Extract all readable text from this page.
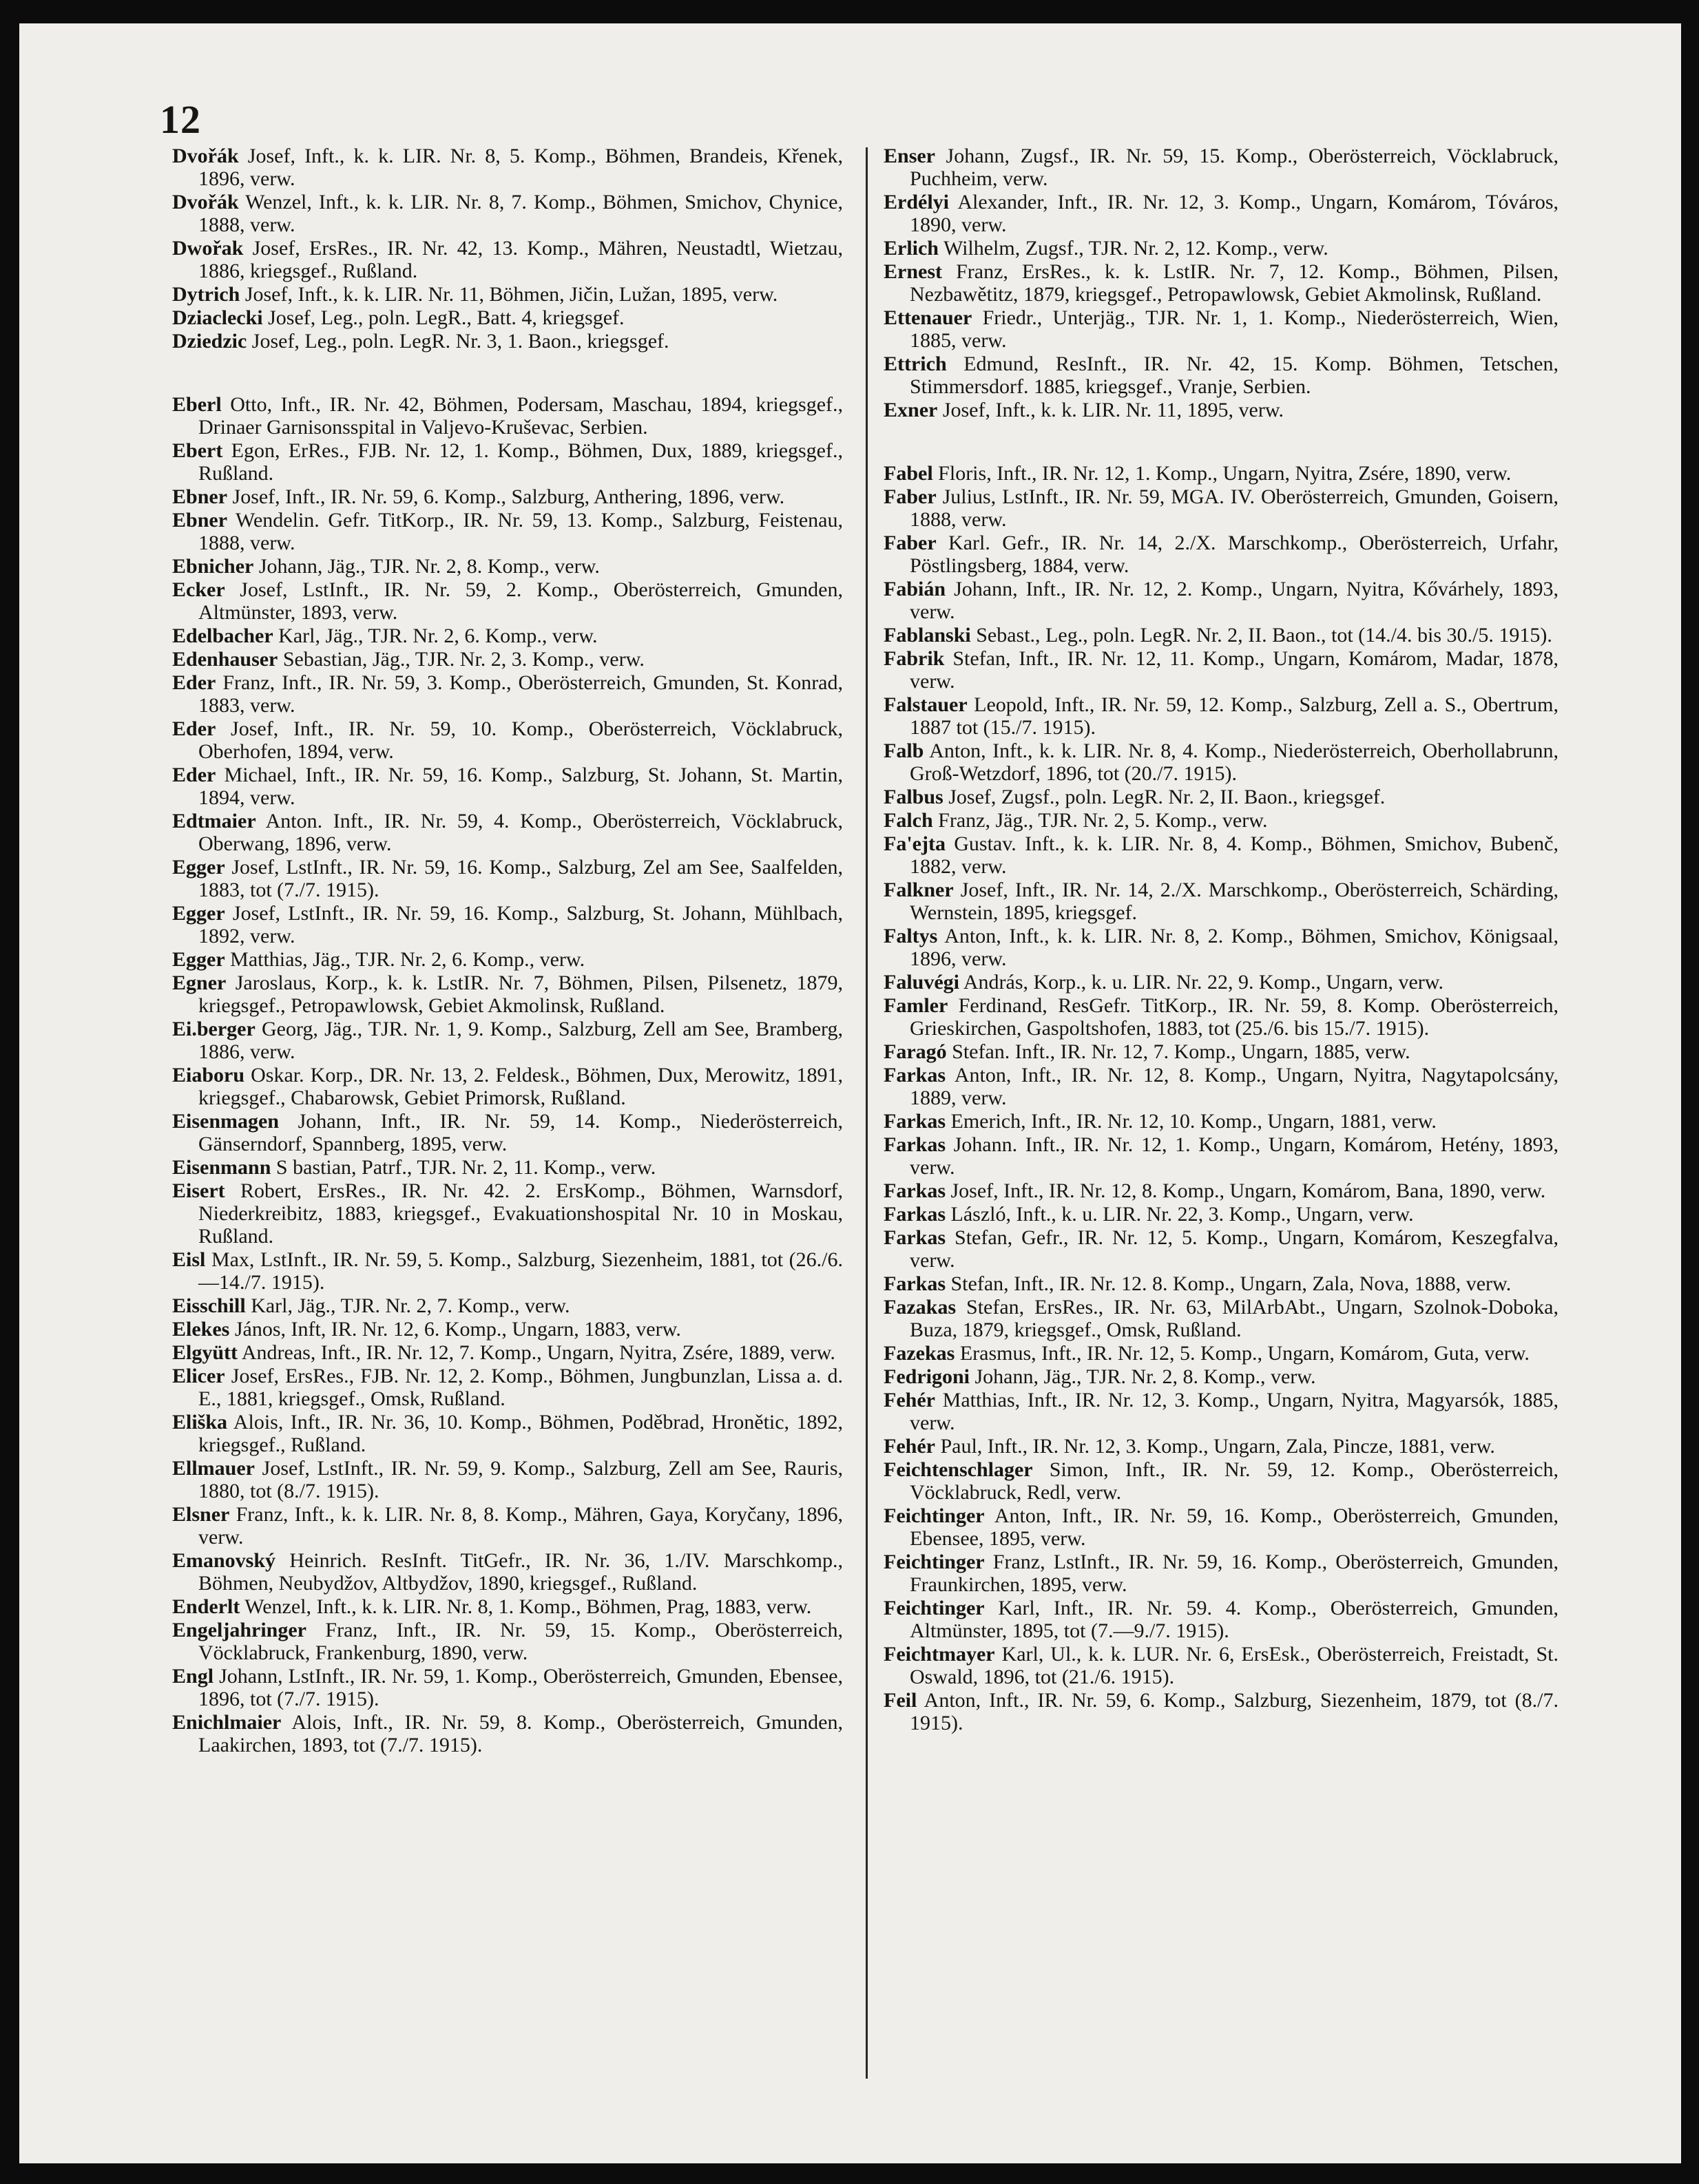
12
Dvořák Josef, Inft., k. k. LIR. Nr. 8, 5. Komp., Böhmen, Brandeis, Křenek, 1896, verw.
Dvořák Wenzel, Inft., k. k. LIR. Nr. 8, 7. Komp., Böhmen, Smichov, Chynice, 1888, verw.
Dwořak Josef, ErsRes., IR. Nr. 42, 13. Komp., Mähren, Neustadtl, Wietzau, 1886, kriegsgef., Rußland.
Dytrich Josef, Inft., k. k. LIR. Nr. 11, Böhmen, Jičin, Lužan, 1895, verw.
Dziaclecki Josef, Leg., poln. LegR., Batt. 4, kriegsgef.
Dziedzic Josef, Leg., poln. LegR. Nr. 3, 1. Baon., kriegsgef.
Eberl Otto, Inft., IR. Nr. 42, Böhmen, Podersam, Maschau, 1894, kriegsgef., Drinaer Garnisonsspital in Valjevo-Kruševac, Serbien.
Ebert Egon, ErRes., FJB. Nr. 12, 1. Komp., Böhmen, Dux, 1889, kriegsgef., Rußland.
Ebner Josef, Inft., IR. Nr. 59, 6. Komp., Salzburg, Anthering, 1896, verw.
Ebner Wendelin. Gefr. TitKorp., IR. Nr. 59, 13. Komp., Salzburg, Feistenau, 1888, verw.
Ebnicher Johann, Jäg., TJR. Nr. 2, 8. Komp., verw.
Ecker Josef, LstInft., IR. Nr. 59, 2. Komp., Oberösterreich, Gmunden, Altmünster, 1893, verw.
Edelbacher Karl, Jäg., TJR. Nr. 2, 6. Komp., verw.
Edenhauser Sebastian, Jäg., TJR. Nr. 2, 3. Komp., verw.
Eder Franz, Inft., IR. Nr. 59, 3. Komp., Oberösterreich, Gmunden, St. Konrad, 1883, verw.
Eder Josef, Inft., IR. Nr. 59, 10. Komp., Oberösterreich, Vöcklabruck, Oberhofen, 1894, verw.
Eder Michael, Inft., IR. Nr. 59, 16. Komp., Salzburg, St. Johann, St. Martin, 1894, verw.
Edtmaier Anton. Inft., IR. Nr. 59, 4. Komp., Oberösterreich, Vöcklabruck, Oberwang, 1896, verw.
Egger Josef, LstInft., IR. Nr. 59, 16. Komp., Salzburg, Zel am See, Saalfelden, 1883, tot (7./7. 1915).
Egger Josef, LstInft., IR. Nr. 59, 16. Komp., Salzburg, St. Johann, Mühlbach, 1892, verw.
Egger Matthias, Jäg., TJR. Nr. 2, 6. Komp., verw.
Egner Jaroslaus, Korp., k. k. LstIR. Nr. 7, Böhmen, Pilsen, Pilsenetz, 1879, kriegsgef., Petropawlowsk, Gebiet Akmolinsk, Rußland.
Ei.berger Georg, Jäg., TJR. Nr. 1, 9. Komp., Salzburg, Zell am See, Bramberg, 1886, verw.
Eiaboru Oskar. Korp., DR. Nr. 13, 2. Feldesk., Böhmen, Dux, Merowitz, 1891, kriegsgef., Chabarowsk, Gebiet Primorsk, Rußland.
Eisenmagen Johann, Inft., IR. Nr. 59, 14. Komp., Niederösterreich, Gänserndorf, Spannberg, 1895, verw.
Eisenmann S bastian, Patrf., TJR. Nr. 2, 11. Komp., verw.
Eisert Robert, ErsRes., IR. Nr. 42. 2. ErsKomp., Böhmen, Warnsdorf, Niederkreibitz, 1883, kriegsgef., Evakuationshospital Nr. 10 in Moskau, Rußland.
Eisl Max, LstInft., IR. Nr. 59, 5. Komp., Salzburg, Siezenheim, 1881, tot (26./6.—14./7. 1915).
Eisschill Karl, Jäg., TJR. Nr. 2, 7. Komp., verw.
Elekes János, Inft, IR. Nr. 12, 6. Komp., Ungarn, 1883, verw.
Elgyütt Andreas, Inft., IR. Nr. 12, 7. Komp., Ungarn, Nyitra, Zsére, 1889, verw.
Elicer Josef, ErsRes., FJB. Nr. 12, 2. Komp., Böhmen, Jungbunzlan, Lissa a. d. E., 1881, kriegsgef., Omsk, Rußland.
Eliška Alois, Inft., IR. Nr. 36, 10. Komp., Böhmen, Poděbrad, Hronětic, 1892, kriegsgef., Rußland.
Ellmauer Josef, LstInft., IR. Nr. 59, 9. Komp., Salzburg, Zell am See, Rauris, 1880, tot (8./7. 1915).
Elsner Franz, Inft., k. k. LIR. Nr. 8, 8. Komp., Mähren, Gaya, Koryčany, 1896, verw.
Emanovský Heinrich. ResInft. TitGefr., IR. Nr. 36, 1./IV. Marschkomp., Böhmen, Neubydžov, Altbydžov, 1890, kriegsgef., Rußland.
Enderlt Wenzel, Inft., k. k. LIR. Nr. 8, 1. Komp., Böhmen, Prag, 1883, verw.
Engeljahringer Franz, Inft., IR. Nr. 59, 15. Komp., Oberösterreich, Vöcklabruck, Frankenburg, 1890, verw.
Engl Johann, LstInft., IR. Nr. 59, 1. Komp., Oberösterreich, Gmunden, Ebensee, 1896, tot (7./7. 1915).
Enichlmaier Alois, Inft., IR. Nr. 59, 8. Komp., Oberösterreich, Gmunden, Laakirchen, 1893, tot (7./7. 1915).
Enser Johann, Zugsf., IR. Nr. 59, 15. Komp., Oberösterreich, Vöcklabruck, Puchheim, verw.
Erdélyi Alexander, Inft., IR. Nr. 12, 3. Komp., Ungarn, Komárom, Tóváros, 1890, verw.
Erlich Wilhelm, Zugsf., TJR. Nr. 2, 12. Komp., verw.
Ernest Franz, ErsRes., k. k. LstIR. Nr. 7, 12. Komp., Böhmen, Pilsen, Nezbawětitz, 1879, kriegsgef., Petropawlowsk, Gebiet Akmolinsk, Rußland.
Ettenauer Friedr., Unterjäg., TJR. Nr. 1, 1. Komp., Niederösterreich, Wien, 1885, verw.
Ettrich Edmund, ResInft., IR. Nr. 42, 15. Komp. Böhmen, Tetschen, Stimmersdorf. 1885, kriegsgef., Vranje, Serbien.
Exner Josef, Inft., k. k. LIR. Nr. 11, 1895, verw.
Fabel Floris, Inft., IR. Nr. 12, 1. Komp., Ungarn, Nyitra, Zsére, 1890, verw.
Faber Julius, LstInft., IR. Nr. 59, MGA. IV. Oberösterreich, Gmunden, Goisern, 1888, verw.
Faber Karl. Gefr., IR. Nr. 14, 2./X. Marschkomp., Oberösterreich, Urfahr, Pöstlingsberg, 1884, verw.
Fabián Johann, Inft., IR. Nr. 12, 2. Komp., Ungarn, Nyitra, Kővárhely, 1893, verw.
Fablanski Sebast., Leg., poln. LegR. Nr. 2, II. Baon., tot (14./4. bis 30./5. 1915).
Fabrik Stefan, Inft., IR. Nr. 12, 11. Komp., Ungarn, Komárom, Madar, 1878, verw.
Falstauer Leopold, Inft., IR. Nr. 59, 12. Komp., Salzburg, Zell a. S., Obertrum, 1887 tot (15./7. 1915).
Falb Anton, Inft., k. k. LIR. Nr. 8, 4. Komp., Niederösterreich, Oberhollabrunn, Groß-Wetzdorf, 1896, tot (20./7. 1915).
Falbus Josef, Zugsf., poln. LegR. Nr. 2, II. Baon., kriegsgef.
Falch Franz, Jäg., TJR. Nr. 2, 5. Komp., verw.
Fa'ejta Gustav. Inft., k. k. LIR. Nr. 8, 4. Komp., Böhmen, Smichov, Bubenč, 1882, verw.
Falkner Josef, Inft., IR. Nr. 14, 2./X. Marschkomp., Oberösterreich, Schärding, Wernstein, 1895, kriegsgef.
Faltys Anton, Inft., k. k. LIR. Nr. 8, 2. Komp., Böhmen, Smichov, Königsaal, 1896, verw.
Faluvégi András, Korp., k. u. LIR. Nr. 22, 9. Komp., Ungarn, verw.
Famler Ferdinand, ResGefr. TitKorp., IR. Nr. 59, 8. Komp. Oberösterreich, Grieskirchen, Gaspoltshofen, 1883, tot (25./6. bis 15./7. 1915).
Faragó Stefan. Inft., IR. Nr. 12, 7. Komp., Ungarn, 1885, verw.
Farkas Anton, Inft., IR. Nr. 12, 8. Komp., Ungarn, Nyitra, Nagytapolcsány, 1889, verw.
Farkas Emerich, Inft., IR. Nr. 12, 10. Komp., Ungarn, 1881, verw.
Farkas Johann. Inft., IR. Nr. 12, 1. Komp., Ungarn, Komárom, Hetény, 1893, verw.
Farkas Josef, Inft., IR. Nr. 12, 8. Komp., Ungarn, Komárom, Bana, 1890, verw.
Farkas László, Inft., k. u. LIR. Nr. 22, 3. Komp., Ungarn, verw.
Farkas Stefan, Gefr., IR. Nr. 12, 5. Komp., Ungarn, Komárom, Keszegfalva, verw.
Farkas Stefan, Inft., IR. Nr. 12. 8. Komp., Ungarn, Zala, Nova, 1888, verw.
Fazakas Stefan, ErsRes., IR. Nr. 63, MilArbAbt., Ungarn, Szolnok-Doboka, Buza, 1879, kriegsgef., Omsk, Rußland.
Fazekas Erasmus, Inft., IR. Nr. 12, 5. Komp., Ungarn, Komárom, Guta, verw.
Fedrigoni Johann, Jäg., TJR. Nr. 2, 8. Komp., verw.
Fehér Matthias, Inft., IR. Nr. 12, 3. Komp., Ungarn, Nyitra, Magyarsók, 1885, verw.
Fehér Paul, Inft., IR. Nr. 12, 3. Komp., Ungarn, Zala, Pincze, 1881, verw.
Feichtenschlager Simon, Inft., IR. Nr. 59, 12. Komp., Oberösterreich, Vöcklabruck, Redl, verw.
Feichtinger Anton, Inft., IR. Nr. 59, 16. Komp., Oberösterreich, Gmunden, Ebensee, 1895, verw.
Feichtinger Franz, LstInft., IR. Nr. 59, 16. Komp., Oberösterreich, Gmunden, Fraunkirchen, 1895, verw.
Feichtinger Karl, Inft., IR. Nr. 59. 4. Komp., Oberösterreich, Gmunden, Altmünster, 1895, tot (7.—9./7. 1915).
Feichtmayer Karl, Ul., k. k. LUR. Nr. 6, ErsEsk., Oberösterreich, Freistadt, St. Oswald, 1896, tot (21./6. 1915).
Feil Anton, Inft., IR. Nr. 59, 6. Komp., Salzburg, Siezenheim, 1879, tot (8./7. 1915).
